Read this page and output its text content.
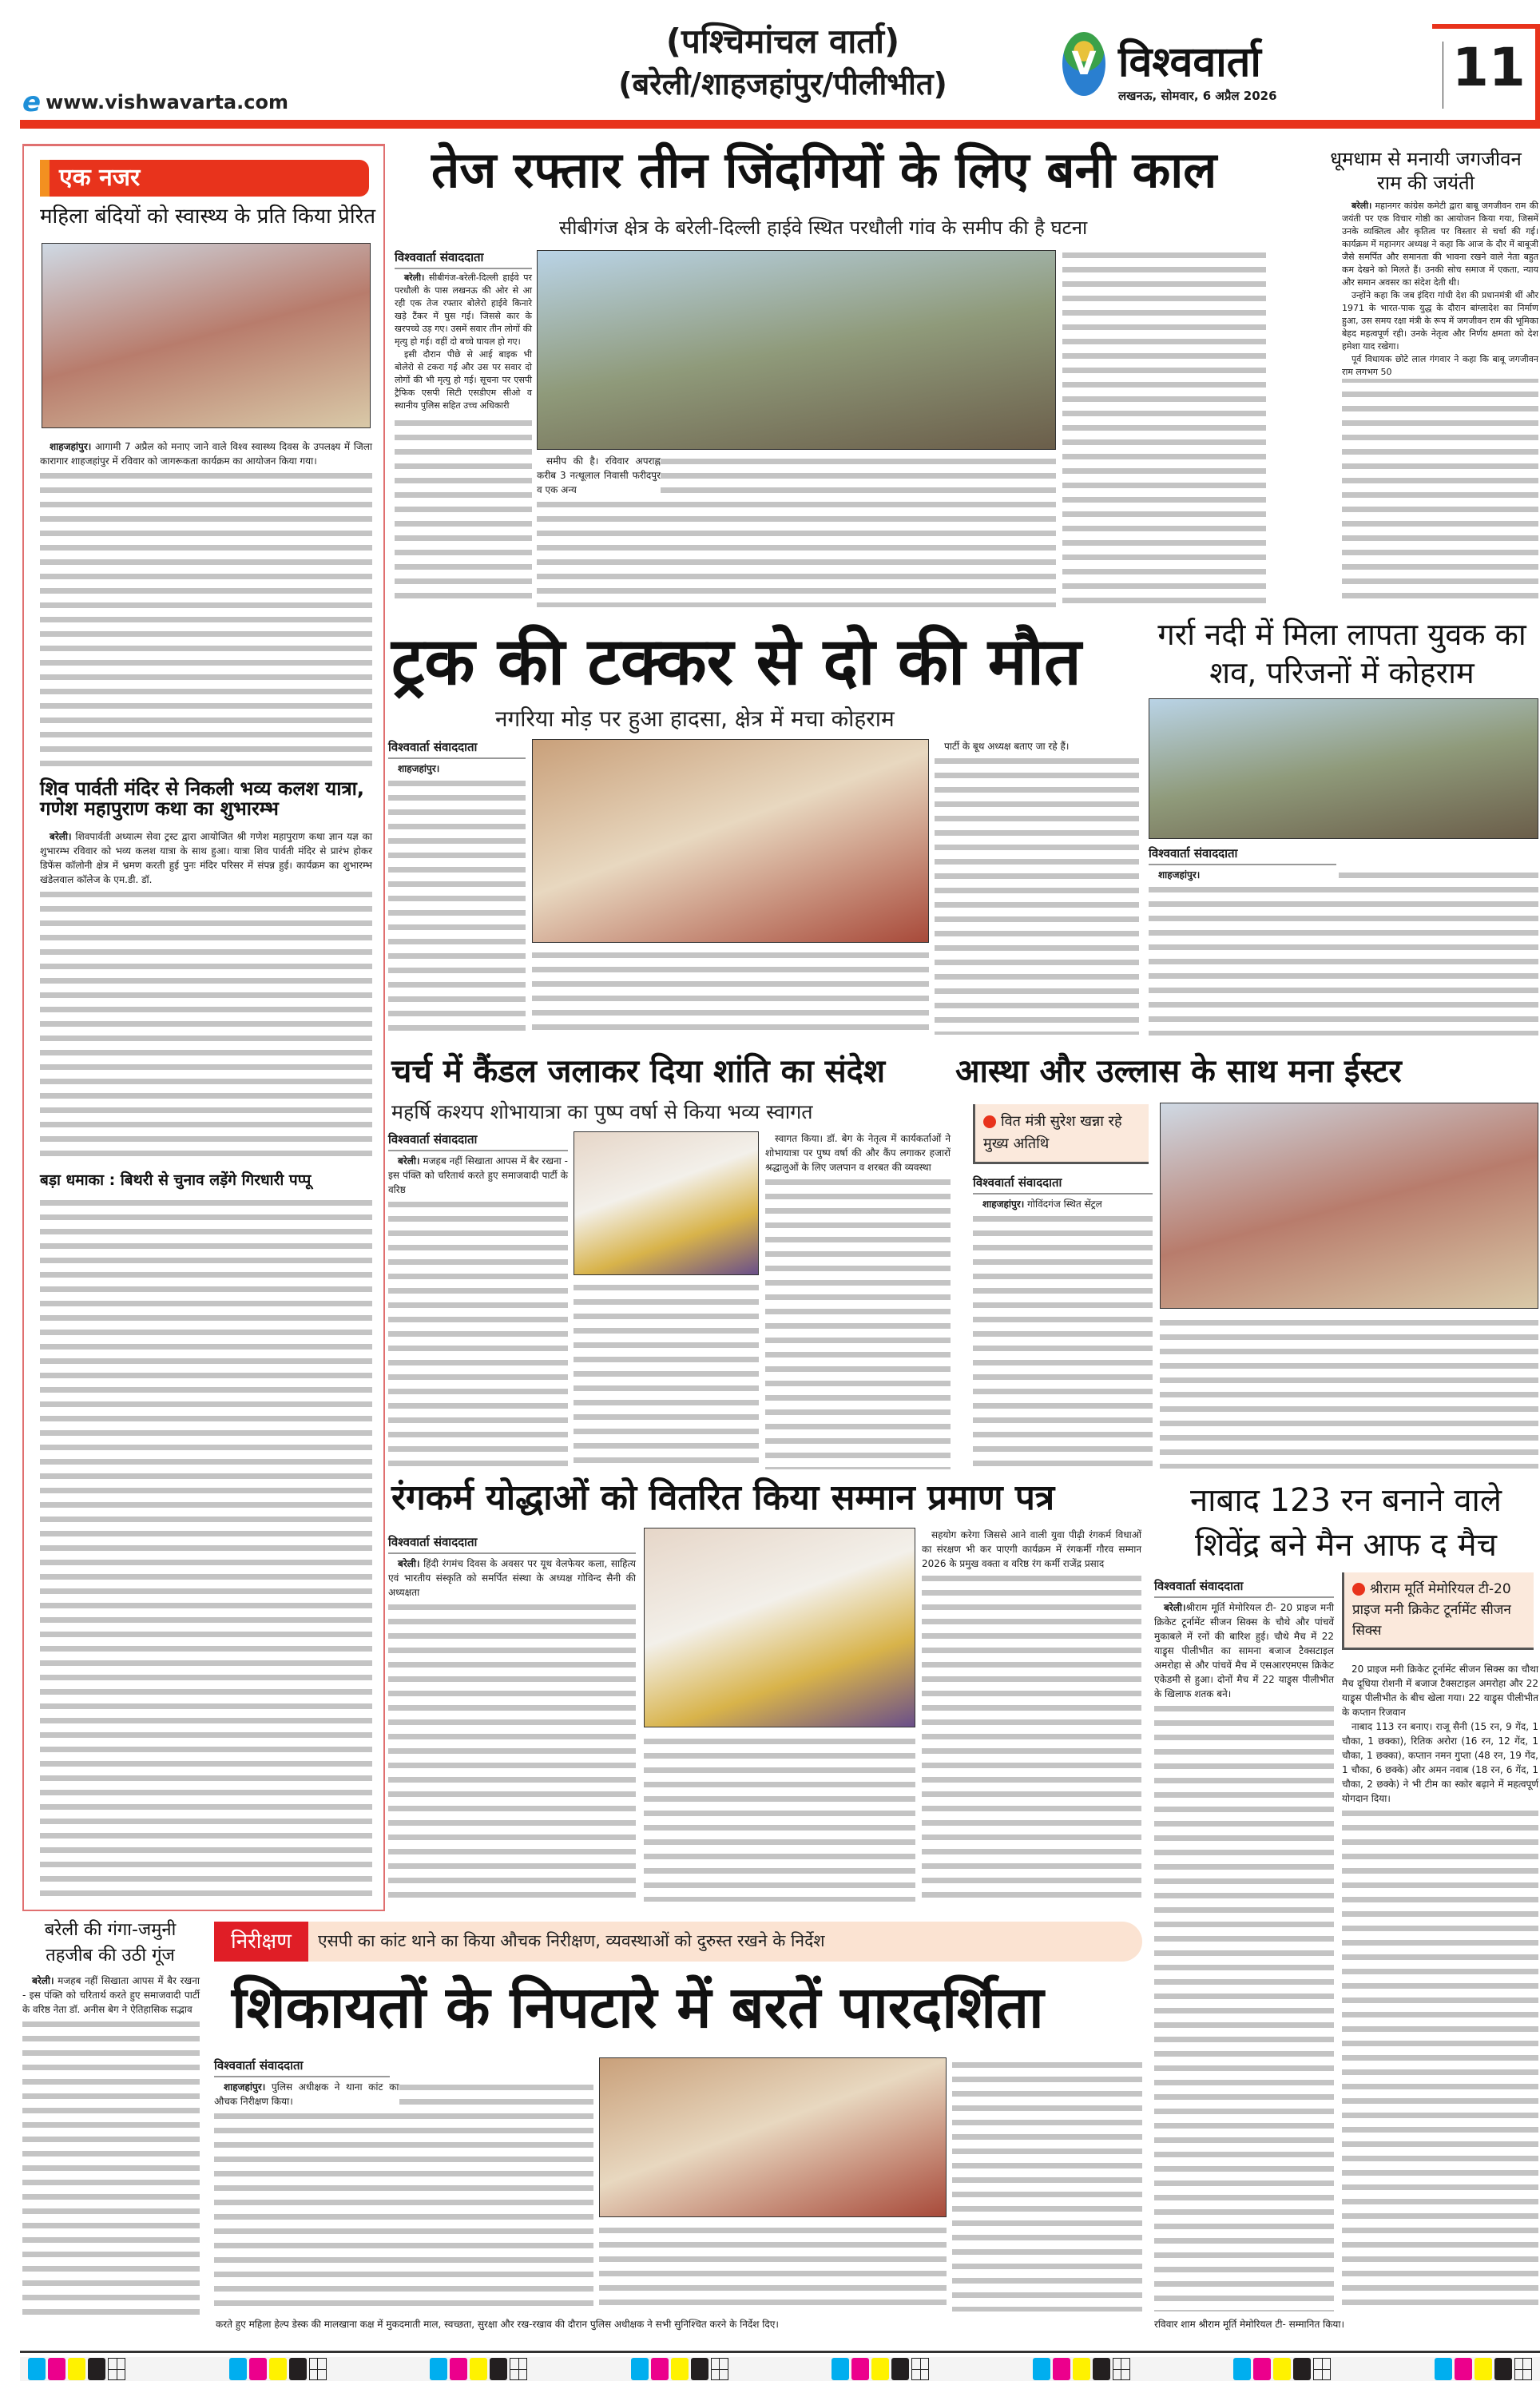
e www.vishwavarta.com
(पश्चिमांचल वार्ता)
(बरेली/शाहजहांपुर/पीलीभीत)
V विश्ववार्ता
लखनऊ, सोमवार, 6 अप्रैल 2026	11
एक नजर
महिला बंदियों को स्वास्थ्य के प्रति किया प्रेरित

शाहजहांपुर। आगामी 7 अप्रैल को मनाए जाने वाले विश्व स्वास्थ्य दिवस के उपलक्ष्य में जिला कारागार शाहजहांपुर में रविवार को जागरूकता कार्यक्रम का आयोजन किया गया।

शिव पार्वती मंदिर से निकली भव्य कलश यात्रा, गणेश महापुराण कथा का शुभारम्भ

बरेली। शिवपार्वती अध्यात्म सेवा ट्रस्ट द्वारा आयोजित श्री गणेश महापुराण कथा ज्ञान यज्ञ का शुभारम्भ रविवार को भव्य कलश यात्रा के साथ हुआ। यात्रा शिव पार्वती मंदिर से प्रारंभ होकर डिफेंस कॉलोनी क्षेत्र में भ्रमण करती हुई पुनः मंदिर परिसर में संपन्न हुई। कार्यक्रम का शुभारम्भ खंडेलवाल कॉलेज के एम.डी. डॉ.

बड़ा धमाका : बिथरी से चुनाव लड़ेंगे गिरधारी पप्पू
बरेली की गंगा-जमुनी तहजीब की उठी गूंज

बरेली। मजहब नहीं सिखाता आपस में बैर रखना - इस पंक्ति को चरितार्थ करते हुए समाजवादी पार्टी के वरिष्ठ नेता डॉ. अनीस बेग ने ऐतिहासिक सद्भाव

तेज रफ्तार तीन जिंदगियों के लिए बनी काल
सीबीगंज क्षेत्र के बरेली-दिल्ली हाईवे स्थित परधौली गांव के समीप की है घटना
विश्ववार्ता संवाददाता

बरेली। सीबीगंज-बरेली-दिल्ली हाईवे पर परधौली के पास लखनऊ की ओर से आ रही एक तेज रफ्तार बोलेरो हाईवे किनारे खड़े टैंकर में घुस गई। जिससे कार के खरपच्चे उड़ गए। उसमें सवार तीन लोगों की मृत्यु हो गई। वहीं दो बच्चे घायल हो गए।

इसी दौरान पीछे से आई बाइक भी बोलेरो से टकरा गई और उस पर सवार दो लोगों की भी मृत्यु हो गई। सूचना पर एसपी ट्रैफिक एसपी सिटी एसडीएम सीओ व स्थानीय पुलिस सहित उच्च अधिकारी

समीप की है। रविवार अपराह्न करीब 3 नत्थूलाल निवासी फरीदपुर व एक अन्य

धूमधाम से मनायी जगजीवन राम की जयंती

बरेली। महानगर कांग्रेस कमेटी द्वारा बाबू जगजीवन राम की जयंती पर एक विचार गोष्ठी का आयोजन किया गया, जिसमें उनके व्यक्तित्व और कृतित्व पर विस्तार से चर्चा की गई। कार्यक्रम में महानगर अध्यक्ष ने कहा कि आज के दौर में बाबूजी जैसे समर्पित और समानता की भावना रखने वाले नेता बहुत कम देखने को मिलते हैं। उनकी सोच समाज में एकता, न्याय और समान अवसर का संदेश देती थी।

उन्होंने कहा कि जब इंदिरा गांधी देश की प्रधानमंत्री थीं और 1971 के भारत-पाक युद्ध के दौरान बांग्लादेश का निर्माण हुआ, उस समय रक्षा मंत्री के रूप में जगजीवन राम की भूमिका बेहद महत्वपूर्ण रही। उनके नेतृत्व और निर्णय क्षमता को देश हमेशा याद रखेगा।

पूर्व विधायक छोटे लाल गंगवार ने कहा कि बाबू जगजीवन राम लगभग 50

ट्रक की टक्कर से दो की मौत
नगरिया मोड़ पर हुआ हादसा, क्षेत्र में मचा कोहराम
विश्ववार्ता संवाददाता

शाहजहांपुर।

पार्टी के बूथ अध्यक्ष बताए जा रहे हैं।

गर्रा नदी में मिला लापता युवक का शव, परिजनों में कोहराम
विश्ववार्ता संवाददाता

शाहजहांपुर।

चर्च में कैंडल जलाकर दिया शांति का संदेश
महर्षि कश्यप शोभायात्रा का पुष्प वर्षा से किया भव्य स्वागत
विश्ववार्ता संवाददाता

बरेली। मजहब नहीं सिखाता आपस में बैर रखना - इस पंक्ति को चरितार्थ करते हुए समाजवादी पार्टी के वरिष्ठ

स्वागत किया। डॉ. बेग के नेतृत्व में कार्यकर्ताओं ने शोभायात्रा पर पुष्प वर्षा की और कैंप लगाकर हजारों श्रद्धालुओं के लिए जलपान व शरबत की व्यवस्था

आस्था और उल्लास के साथ मना ईस्टर
वित मंत्री सुरेश खन्ना रहे मुख्य अतिथि
विश्ववार्ता संवाददाता

शाहजहांपुर। गोविंदगंज स्थित सेंट्रल

रंगकर्म योद्धाओं को वितरित किया सम्मान प्रमाण पत्र
विश्ववार्ता संवाददाता

बरेली। हिंदी रंगमंच दिवस के अवसर पर यूथ वेलफेयर कला, साहित्य एवं भारतीय संस्कृति को समर्पित संस्था के अध्यक्ष गोविन्द सैनी की अध्यक्षता

सहयोग करेगा जिससे आने वाली युवा पीढ़ी रंगकर्म विधाओं का संरक्षण भी कर पाएगी कार्यक्रम में रंगकर्मी गौरव सम्मान 2026 के प्रमुख वक्ता व वरिष्ठ रंग कर्मी राजेंद्र प्रसाद

नाबाद 123 रन बनाने वाले शिवेंद्र बने मैन आफ द मैच
विश्ववार्ता संवाददाता	श्रीराम मूर्ति मेमोरियल टी-20 प्राइज मनी क्रिकेट टूर्नामेंट सीजन सिक्स

बरेली।श्रीराम मूर्ति मेमोरियल टी- 20 प्राइज मनी क्रिकेट टूर्नामेंट सीजन सिक्स के चौथे और पांचवें मुकाबले में रनों की बारिश हुई। चौथे मैच में 22 याड्र्स पीलीभीत का सामना बजाज टैक्सटाइल अमरोहा से और पांचवें मैच में एसआरएमएस क्रिकेट एकेडमी से हुआ। दोनों मैच में 22 याड्र्स पीलीभीत के खिलाफ शतक बने।

20 प्राइज मनी क्रिकेट टूर्नामेंट सीजन सिक्स का चौथा मैच दूधिया रोशनी में बजाज टैक्सटाइल अमरोहा और 22 याड्र्स पीलीभीत के बीच खेला गया। 22 याड्र्स पीलीभीत के कप्तान रिजवान

नाबाद 113 रन बनाए। राजू सैनी (15 रन, 9 गेंद, 1 चौका, 1 छक्का), रितिक अरोरा (16 रन, 12 गेंद, 1 चौका, 1 छक्का), कप्तान नमन गुप्ता (48 रन, 19 गेंद, 1 चौका, 6 छक्के) और अमन नवाब (18 रन, 6 गेंद, 1 चौका, 2 छक्के) ने भी टीम का स्कोर बढ़ाने में महत्वपूर्ण योगदान दिया।

रविवार शाम श्रीराम मूर्ति मेमोरियल टी- सम्मानित किया।
निरीक्षण	एसपी का कांट थाने का किया औचक निरीक्षण, व्यवस्थाओं को दुरुस्त रखने के निर्देश
शिकायतों के निपटारे में बरतें पारदर्शिता
विश्ववार्ता संवाददाता

शाहजहांपुर। पुलिस अधीक्षक ने थाना कांट का औचक निरीक्षण किया।

करते हुए महिला हेल्प डेस्क की मालखाना कक्ष में मुकदमाती माल, स्वच्छता, सुरक्षा और रख-रखाव की दौरान पुलिस अधीक्षक ने सभी सुनिश्चित करने के निर्देश दिए।
